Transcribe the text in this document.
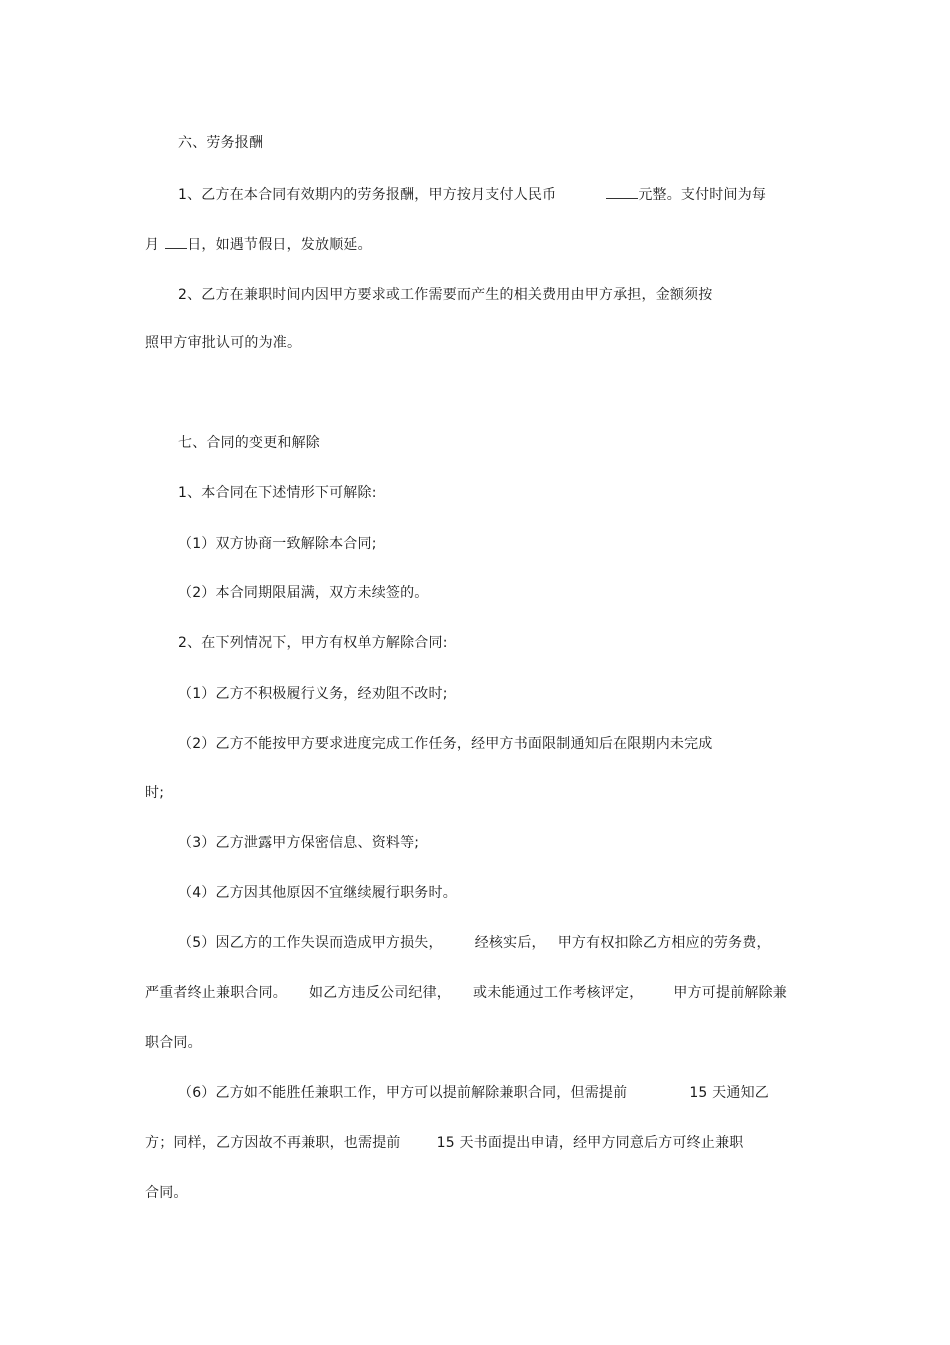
六、劳务报酬
1、乙方在本合同有效期内的劳务报酬，甲方按月支付人民币	元整。支付时间为每
月 日，如遇节假日，发放顺延。
2、乙方在兼职时间内因甲方要求或工作需要而产生的相关费用由甲方承担，金额须按
照甲方审批认可的为准。
七、合同的变更和解除
1、本合同在下述情形下可解除:
（1）双方协商一致解除本合同;
（2）本合同期限届满，双方未续签的。
2、在下列情况下，甲方有权单方解除合同:
（1）乙方不积极履行义务，经劝阻不改时;
（2）乙方不能按甲方要求进度完成工作任务，经甲方书面限制通知后在限期内未完成
时;
（3）乙方泄露甲方保密信息、资料等;
（4）乙方因其他原因不宜继续履行职务时。
（5）因乙方的工作失误而造成甲方损失， 经核实后， 甲方有权扣除乙方相应的劳务费，
严重者终止兼职合同。 如乙方违反公司纪律， 或未能通过工作考核评定， 甲方可提前解除兼
职合同。
（6）乙方如不能胜任兼职工作，甲方可以提前解除兼职合同，但需提前	15 天通知乙
方；同样，乙方因故不再兼职，也需提前	15 天书面提出申请，经甲方同意后方可终止兼职
合同。
